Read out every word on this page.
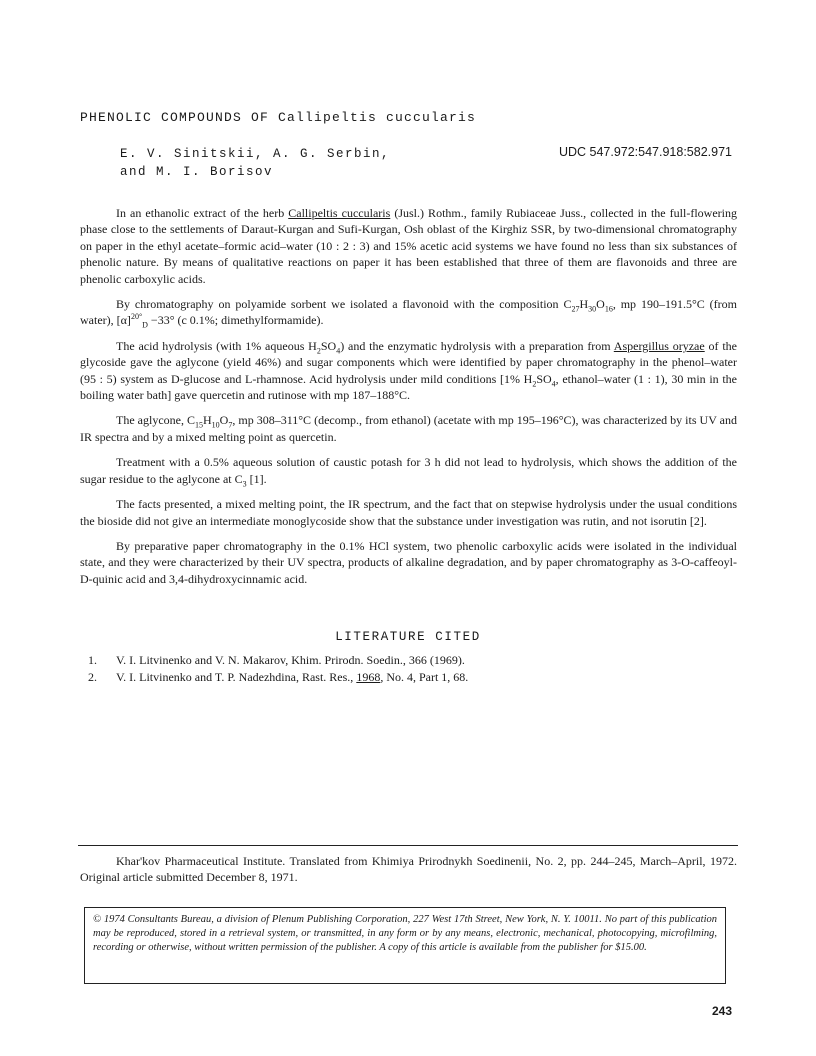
PHENOLIC COMPOUNDS OF Callipeltis cuccularis
E. V. Sinitskii, A. G. Serbin,
and M. I. Borisov
UDC 547.972:547.918:582.971

In an ethanolic extract of the herb Callipeltis cuccularis (Jusl.) Rothm., family Rubiaceae Juss., collected in the full-flowering phase close to the settlements of Daraut-Kurgan and Sufi-Kurgan, Osh oblast of the Kirghiz SSR, by two-dimensional chromatography on paper in the ethyl acetate–formic acid–water (10 : 2 : 3) and 15% acetic acid systems we have found no less than six substances of phenolic nature. By means of qualitative reactions on paper it has been established that three of them are flavonoids and three are phenolic carboxylic acids.

By chromatography on polyamide sorbent we isolated a flavonoid with the composition $C_{27}H_{30}O_{16}$, mp 190–191.5°C (from water), $[\alpha]^{20^\circ}_D -33^\circ$ (c 0.1%; dimethylformamide).

The acid hydrolysis (with 1% aqueous $H_2SO_4$) and the enzymatic hydrolysis with a preparation from Aspergillus oryzae of the glycoside gave the aglycone (yield 46%) and sugar components which were identified by paper chromatography in the phenol–water (95 : 5) system as D-glucose and L-rhamnose. Acid hydrolysis under mild conditions [1% $H_2SO_4$, ethanol–water (1 : 1), 30 min in the boiling water bath] gave quercetin and rutinose with mp 187–188°C.

The aglycone, $C_{15}H_{10}O_7$, mp 308–311°C (decomp., from ethanol) (acetate with mp 195–196°C), was characterized by its UV and IR spectra and by a mixed melting point as quercetin.

Treatment with a 0.5% aqueous solution of caustic potash for 3 h did not lead to hydrolysis, which shows the addition of the sugar residue to the aglycone at $C_3$ [1].

The facts presented, a mixed melting point, the IR spectrum, and the fact that on stepwise hydrolysis under the usual conditions the bioside did not give an intermediate monoglycoside show that the substance under investigation was rutin, and not isorutin [2].

By preparative paper chromatography in the 0.1% HCl system, two phenolic carboxylic acids were isolated in the individual state, and they were characterized by their UV spectra, products of alkaline degradation, and by paper chromatography as 3-O-caffeoyl-D-quinic acid and 3,4-dihydroxycinnamic acid.

LITERATURE CITED
1.	V. I. Litvinenko and V. N. Makarov, Khim. Prirodn. Soedin., 366 (1969).
2.	V. I. Litvinenko and T. P. Nadezhdina, Rast. Res., 1968, No. 4, Part 1, 68.
Khar'kov Pharmaceutical Institute. Translated from Khimiya Prirodnykh Soedinenii, No. 2, pp. 244–245, March–April, 1972. Original article submitted December 8, 1971.
© 1974 Consultants Bureau, a division of Plenum Publishing Corporation, 227 West 17th Street, New York, N. Y. 10011. No part of this publication may be reproduced, stored in a retrieval system, or transmitted, in any form or by any means, electronic, mechanical, photocopying, microfilming, recording or otherwise, without written permission of the publisher. A copy of this article is available from the publisher for $15.00.
243
